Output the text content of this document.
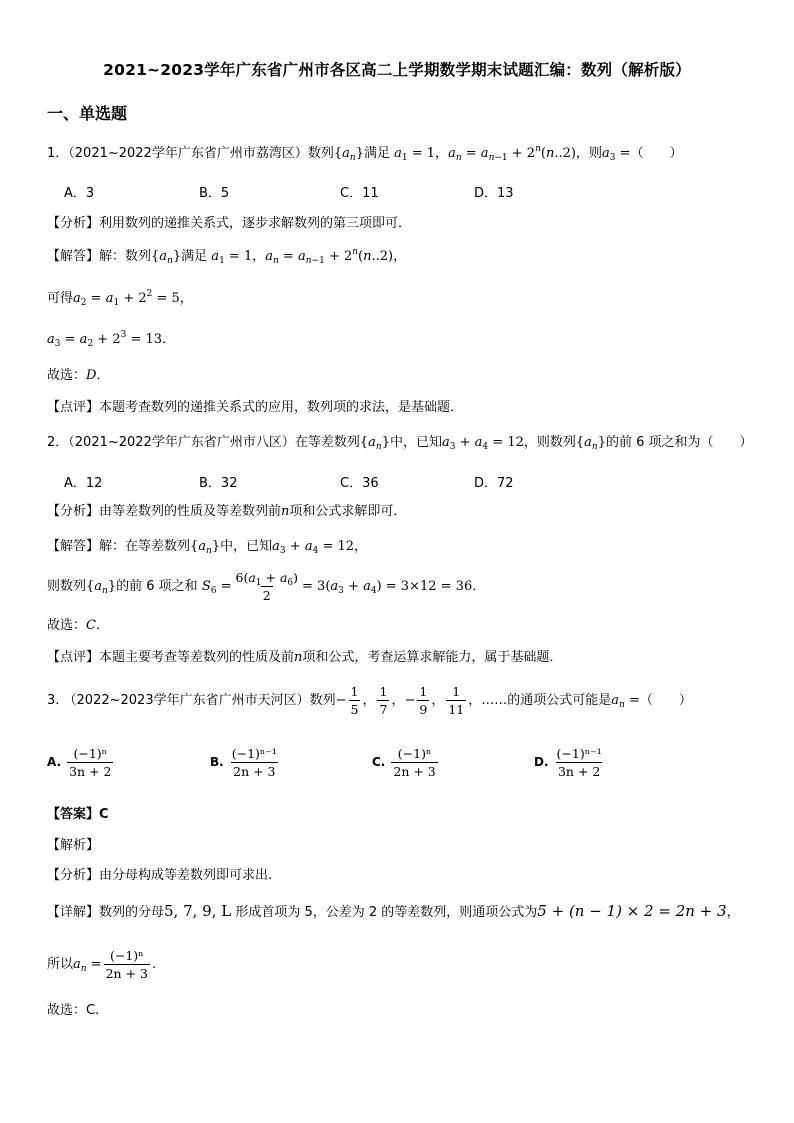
2021~2023学年广东省广州市各区高二上学期数学期末试题汇编：数列（解析版）
一、单选题
1．（2021~2022学年广东省广州市荔湾区）数列$\{a_n\}$满足 $a_1 = 1$，$a_n = a_{n-1} + 2^n(n..2)$，则$a_3$ =（　　）
A．3	B．5	C．11	D．13
【分析】利用数列的递推关系式，逐步求解数列的第三项即可．
【解答】解：数列$\{a_n\}$满足 $a_1 = 1$，$a_n = a_{n-1} + 2^n(n..2)$，
可得$a_2 = a_1 + 2^2 = 5$，
$a_3 = a_2 + 2^3 = 13$．
故选：D．
【点评】本题考查数列的递推关系式的应用，数列项的求法，是基础题．
2．（2021~2022学年广东省广州市八区）在等差数列$\{a_n\}$中，已知$a_3 + a_4 = 12$，则数列$\{a_n\}$的前 6 项之和为（　　）
A．12	B．32	C．36	D．72
【分析】由等差数列的性质及等差数列前n项和公式求解即可．
【解答】解：在等差数列$\{a_n\}$中，已知$a_3 + a_4 = 12$，
则数列$\{a_n\}$的前 6 项之和 $S_6 = \frac{6(a_1 + a_6)}{2} = 3(a_3 + a_4) = 3\times 12 = 36$．
故选：C．
【点评】本题主要考查等差数列的性质及前n项和公式，考查运算求解能力，属于基础题．
3. （2022~2023学年广东省广州市天河区）数列− $\frac{1}{5}$ ， $\frac{1}{7}$ ，− $\frac{1}{9}$ ， $\frac{1}{11}$ ，……的通项公式可能是$a_n$ =（　　）
A. $\frac{\text{(−1)ⁿ}}{3n + 2}$	B. $\frac{\text{(−1)ⁿ⁻¹}}{2n + 3}$	C. $\frac{\text{(−1)ⁿ}}{2n + 3}$	D. $\frac{\text{(−1)ⁿ⁻¹}}{3n + 2}$
【答案】C
【解析】
【分析】由分母构成等差数列即可求出.
【详解】数列的分母5, 7, 9, L 形成首项为 5，公差为 2 的等差数列，则通项公式为5 + (n − 1) × 2 = 2n + 3，
所以$a_n = \frac{\text{(−1)ⁿ}}{2n + 3}$ .
故选：C.
